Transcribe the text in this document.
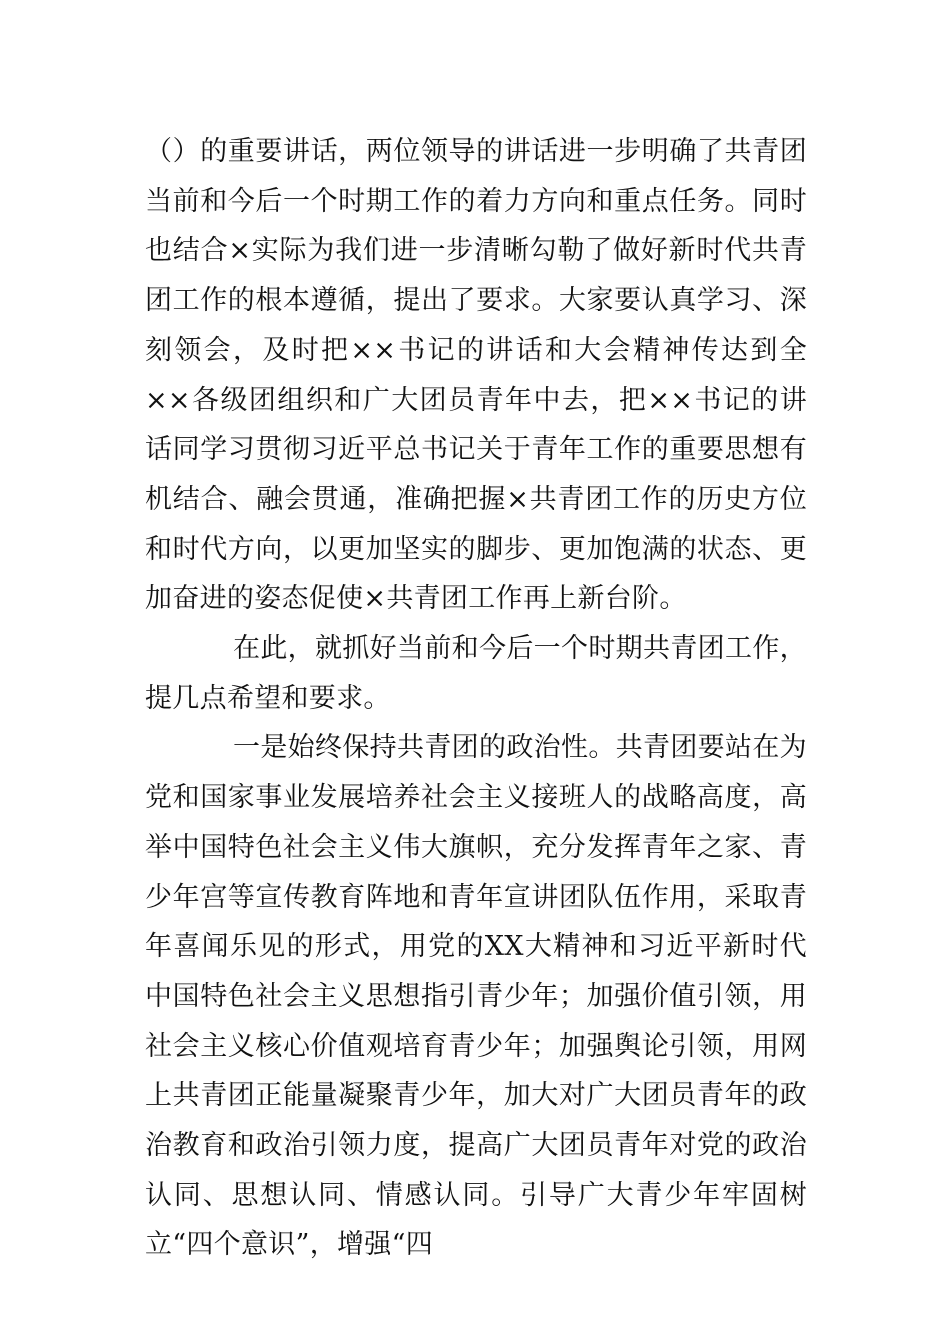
（）的重要讲话，两位领导的讲话进一步明确了共青团当前和今后一个时期工作的着力方向和重点任务。同时也结合×实际为我们进一步清晰勾勒了做好新时代共青团工作的根本遵循，提出了要求。大家要认真学习、深刻领会，及时把××书记的讲话和大会精神传达到全××各级团组织和广大团员青年中去，把××书记的讲话同学习贯彻习近平总书记关于青年工作的重要思想有机结合、融会贯通，准确把握×共青团工作的历史方位和时代方向，以更加坚实的脚步、更加饱满的状态、更加奋进的姿态促使×共青团工作再上新台阶。

在此，就抓好当前和今后一个时期共青团工作，提几点希望和要求。

一是始终保持共青团的政治性。共青团要站在为党和国家事业发展培养社会主义接班人的战略高度，高举中国特色社会主义伟大旗帜，充分发挥青年之家、青少年宫等宣传教育阵地和青年宣讲团队伍作用，采取青年喜闻乐见的形式，用党的XX大精神和习近平新时代中国特色社会主义思想指引青少年；加强价值引领，用社会主义核心价值观培育青少年；加强舆论引领，用网上共青团正能量凝聚青少年，加大对广大团员青年的政治教育和政治引领力度，提高广大团员青年对党的政治认同、思想认同、情感认同。引导广大青少年牢固树立“四个意识”，增强“四
